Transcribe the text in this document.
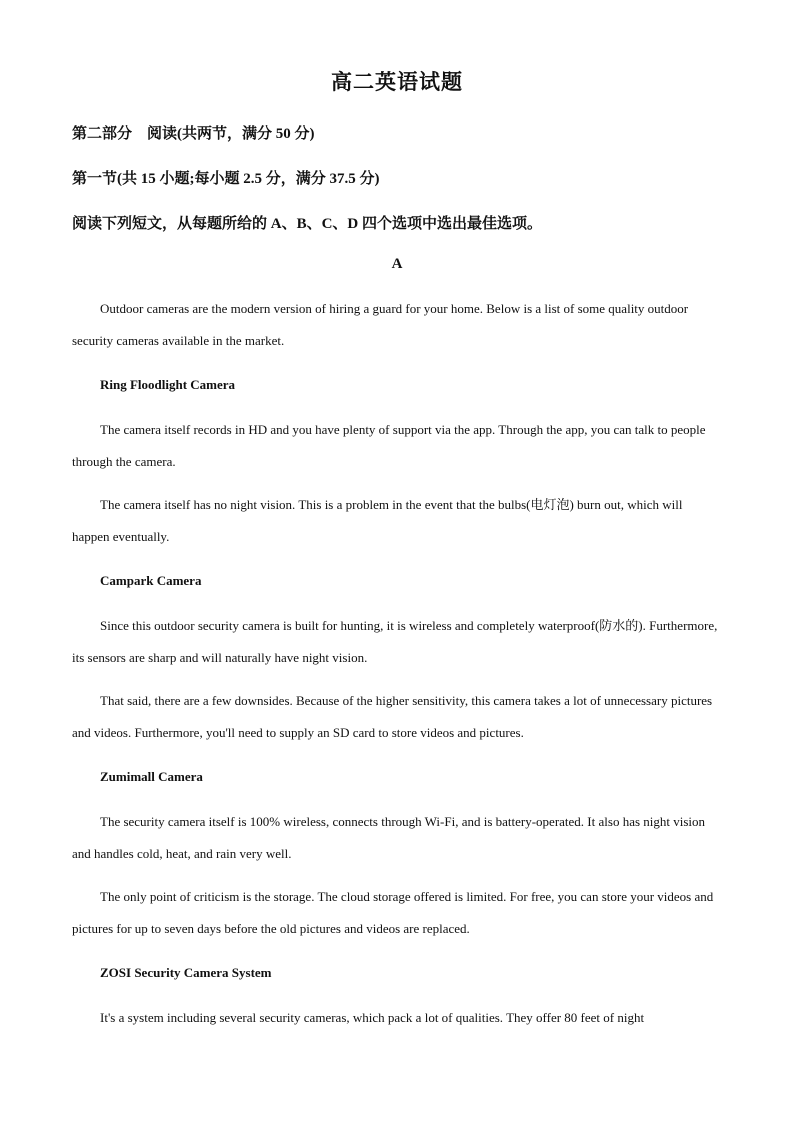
高二英语试题
第二部分　阅读(共两节，满分 50 分)
第一节(共 15 小题;每小题 2.5 分，满分 37.5 分)
阅读下列短文，从每题所给的 A、B、C、D 四个选项中选出最佳选项。
A

Outdoor cameras are the modern version of hiring a guard for your home. Below is a list of some quality outdoor security cameras available in the market.

Ring Floodlight Camera

The camera itself records in HD and you have plenty of support via the app. Through the app, you can talk to people through the camera.

The camera itself has no night vision. This is a problem in the event that the bulbs(电灯泡) burn out, which will happen eventually.

Campark Camera

Since this outdoor security camera is built for hunting, it is wireless and completely waterproof(防水的). Furthermore, its sensors are sharp and will naturally have night vision.

That said, there are a few downsides. Because of the higher sensitivity, this camera takes a lot of unnecessary pictures and videos. Furthermore, you'll need to supply an SD card to store videos and pictures.

Zumimall Camera

The security camera itself is 100% wireless, connects through Wi-Fi, and is battery-operated. It also has night vision and handles cold, heat, and rain very well.

The only point of criticism is the storage. The cloud storage offered is limited. For free, you can store your videos and pictures for up to seven days before the old pictures and videos are replaced.

ZOSI Security Camera System

It's a system including several security cameras, which pack a lot of qualities. They offer 80 feet of night
